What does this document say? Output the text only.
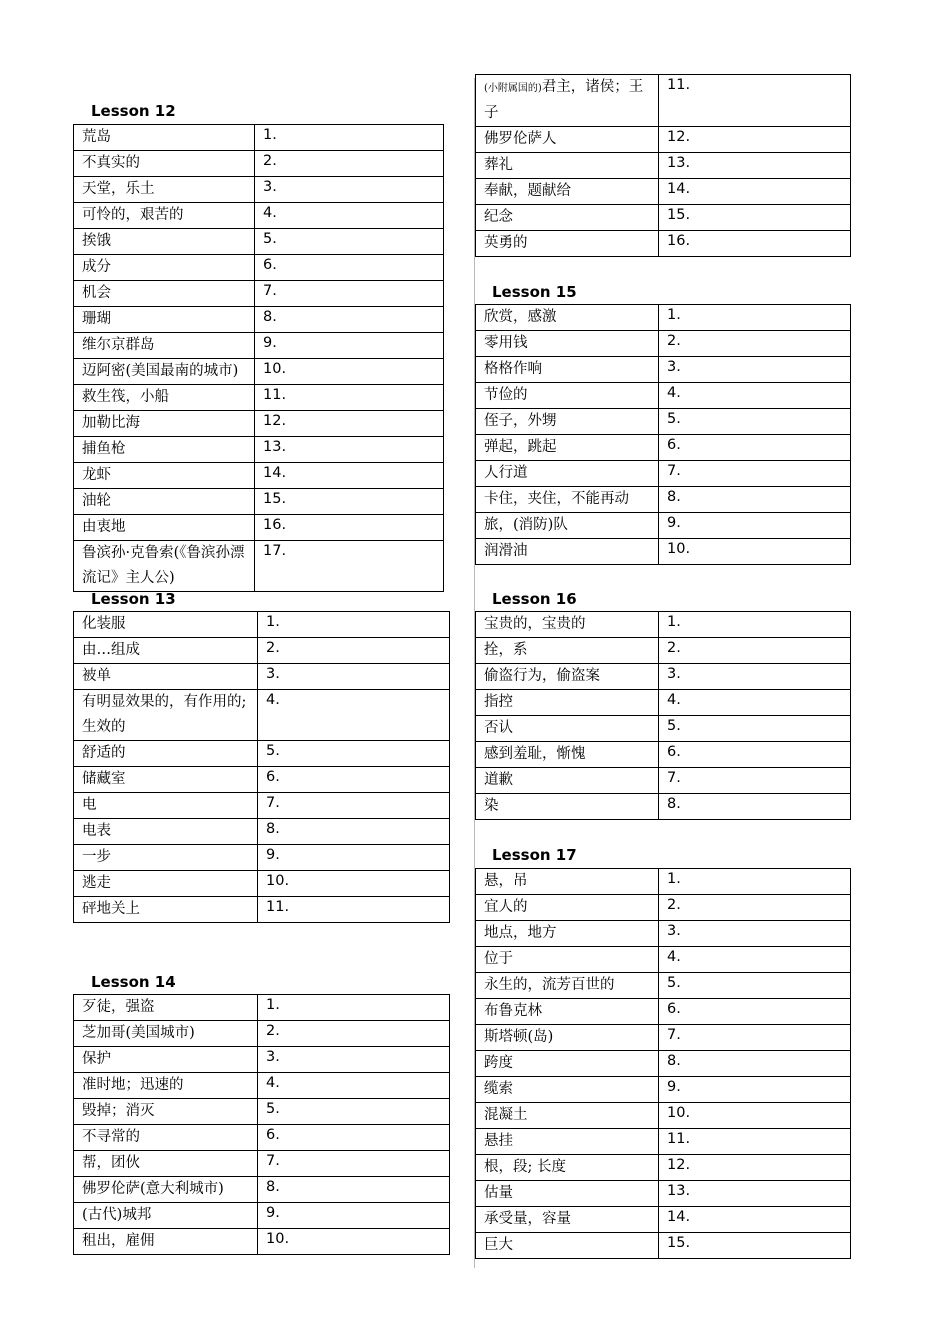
Lesson 12
荒岛	1.
不真实的	2.
天堂，乐土	3.
可怜的，艰苦的	4.
挨饿	5.
成分	6.
机会	7.
珊瑚	8.
维尔京群岛	9.
迈阿密(美国最南的城市)	10.
救生筏，小船	11.
加勒比海	12.
捕鱼枪	13.
龙虾	14.
油轮	15.
由衷地	16.
鲁滨孙·克鲁索(《鲁滨孙漂流记》主人公)	17.
Lesson 13
化装服	1.
由…组成	2.
被单	3.
有明显效果的，有作用的; 生效的	4.
舒适的	5.
储藏室	6.
电	7.
电表	8.
一步	9.
逃走	10.
砰地关上	11.
Lesson 14
歹徒，强盗	1.
芝加哥(美国城市)	2.
保护	3.
准时地；迅速的	4.
毁掉；消灭	5.
不寻常的	6.
帮，团伙	7.
佛罗伦萨(意大利城市)	8.
(古代)城邦	9.
租出，雇佣	10.
(小附属国的)君主，诸侯；王子	11.
佛罗伦萨人	12.
葬礼	13.
奉献，题献给	14.
纪念	15.
英勇的	16.
Lesson 15
欣赏，感激	1.
零用钱	2.
格格作响	3.
节俭的	4.
侄子，外甥	5.
弹起，跳起	6.
人行道	7.
卡住，夹住，不能再动	8.
旅，(消防)队	9.
润滑油	10.
Lesson 16
宝贵的，宝贵的	1.
拴，系	2.
偷盗行为，偷盗案	3.
指控	4.
否认	5.
感到羞耻，惭愧	6.
道歉	7.
染	8.
Lesson 17
悬，吊	1.
宜人的	2.
地点，地方	3.
位于	4.
永生的，流芳百世的	5.
布鲁克林	6.
斯塔顿(岛)	7.
跨度	8.
缆索	9.
混凝土	10.
悬挂	11.
根，段; 长度	12.
估量	13.
承受量，容量	14.
巨大	15.
